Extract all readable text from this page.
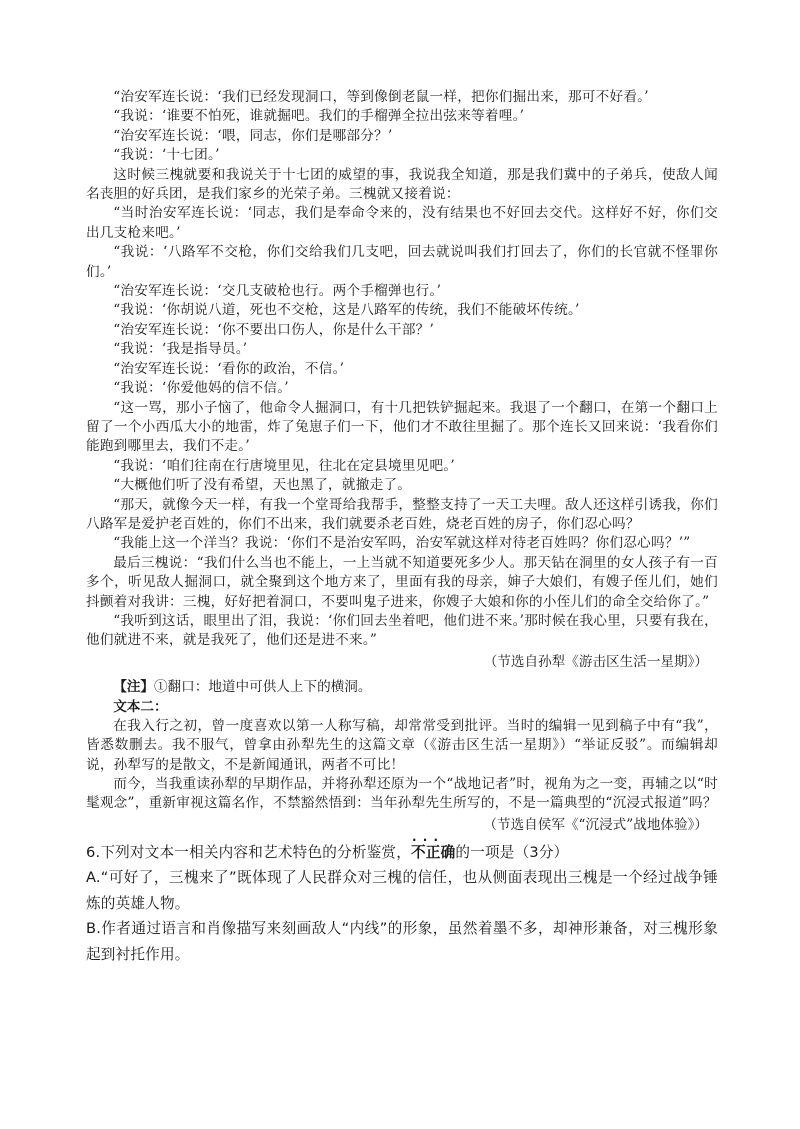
“治安军连长说：‘我们已经发现洞口，等到像倒老鼠一样，把你们掘出来，那可不好看。’

“我说：‘谁要不怕死，谁就掘吧。我们的手榴弹全拉出弦来等着哩。’

“治安军连长说：‘喂，同志，你们是哪部分？’

“我说：‘十七团。’

这时候三槐就要和我说关于十七团的威望的事，我说我全知道，那是我们冀中的子弟兵，使敌人闻名丧胆的好兵团，是我们家乡的光荣子弟。三槐就又接着说：

“当时治安军连长说：‘同志，我们是奉命令来的，没有结果也不好回去交代。这样好不好，你们交出几支枪来吧。’

“我说：‘八路军不交枪，你们交给我们几支吧，回去就说叫我们打回去了，你们的长官就不怪罪你们。’

“治安军连长说：‘交几支破枪也行。两个手榴弹也行。’

“我说：‘你胡说八道，死也不交枪，这是八路军的传统，我们不能破坏传统。’

“治安军连长说：‘你不要出口伤人，你是什么干部？’

“我说：‘我是指导员。’

“治安军连长说：‘看你的政治，不信。’

“我说：‘你爱他妈的信不信。’

“这一骂，那小子恼了，他命令人掘洞口，有十几把铁铲掘起来。我退了一个翻口，在第一个翻口上留了一个小西瓜大小的地雷，炸了兔崽子们一下，他们才不敢往里掘了。那个连长又回来说：‘我看你们能跑到哪里去，我们不走。’

“我说：‘咱们往南在行唐境里见，往北在定县境里见吧。’

“大概他们听了没有希望，天也黑了，就撤走了。

“那天，就像今天一样，有我一个堂哥给我帮手，整整支持了一天工夫哩。敌人还这样引诱我，你们八路军是爱护老百姓的，你们不出来，我们就要杀老百姓，烧老百姓的房子，你们忍心吗？

“我能上这一个洋当？我说：‘你们不是治安军吗，治安军就这样对待老百姓吗？你们忍心吗？’”

最后三槐说：“我们什么当也不能上，一上当就不知道要死多少人。那天钻在洞里的女人孩子有一百多个，听见敌人掘洞口，就全聚到这个地方来了，里面有我的母亲，婶子大娘们，有嫂子侄儿们，她们抖颤着对我讲：三槐，好好把着洞口，不要叫鬼子进来，你嫂子大娘和你的小侄儿们的命全交给你了。”

“我听到这话，眼里出了泪，我说：‘你们回去坐着吧，他们进不来。’那时候在我心里，只要有我在，他们就进不来，就是我死了，他们还是进不来。”

（节选自孙犁《游击区生活一星期》）

【注】①翻口：地道中可供人上下的横洞。

文本二：

在我入行之初，曾一度喜欢以第一人称写稿，却常常受到批评。当时的编辑一见到稿子中有“我”，皆悉数删去。我不服气，曾拿由孙犁先生的这篇文章（《游击区生活一星期》）“举证反驳”。而编辑却说，孙犁写的是散文，不是新闻通讯，两者不可比！

而今，当我重读孙犁的早期作品，并将孙犁还原为一个“战地记者”时，视角为之一变，再辅之以“时髦观念”，重新审视这篇名作，不禁豁然悟到：当年孙犁先生所写的，不是一篇典型的“沉浸式报道”吗？

（节选自侯军《“沉浸式”战地体验》）

6.下列对文本一相关内容和艺术特色的分析鉴赏，不正确 · · ·的一项是（3分）

A.“可好了，三槐来了”既体现了人民群众对三槐的信任，也从侧面表现出三槐是一个经过战争锤炼的英雄人物。

B.作者通过语言和肖像描写来刻画敌人“内线”的形象，虽然着墨不多，却神形兼备，对三槐形象起到衬托作用。
